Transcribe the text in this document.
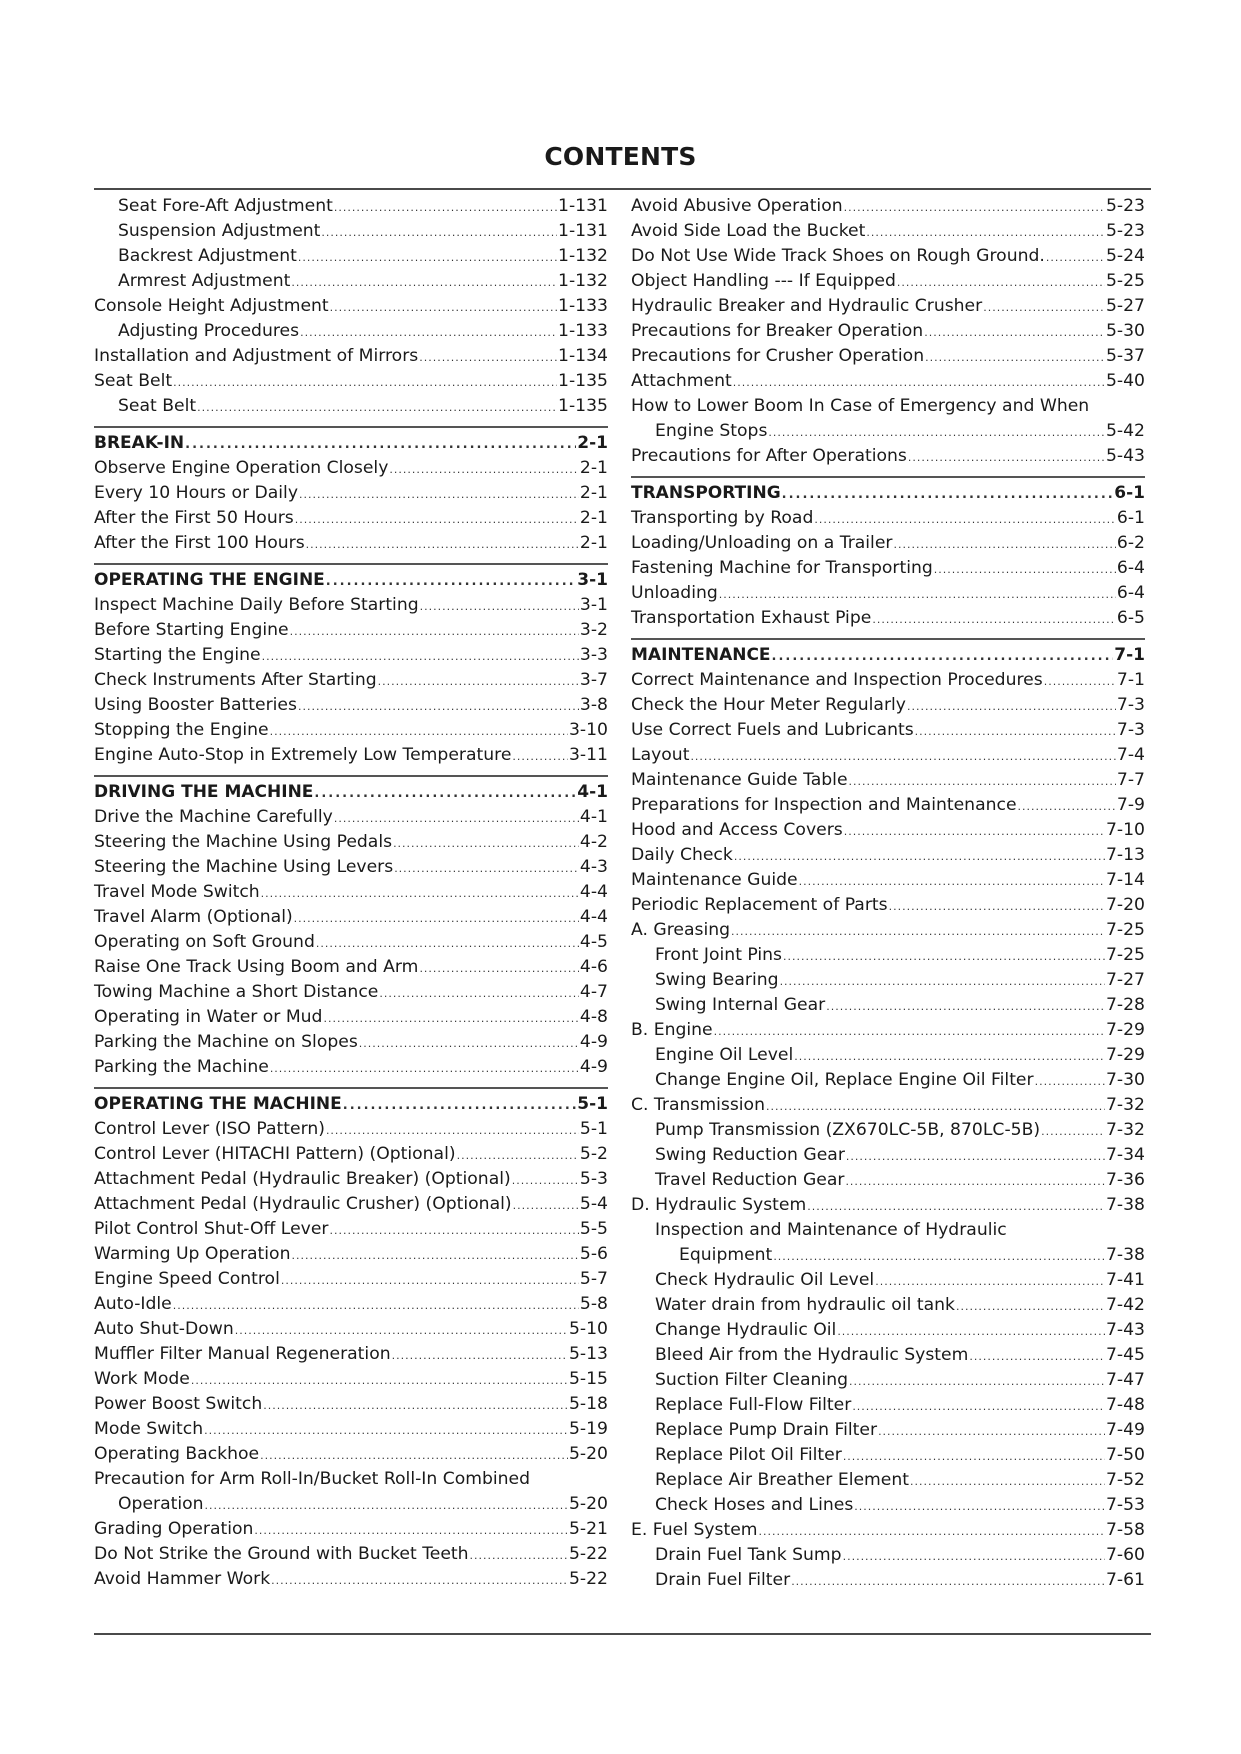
CONTENTS
Seat Fore-Aft Adjustment .....	1-131
Suspension Adjustment .....	1-131
Backrest Adjustment .....	1-132
Armrest Adjustment .....	1-132
Console Height Adjustment .....	1-133
Adjusting Procedures .....	1-133
Installation and Adjustment of Mirrors .....	1-134
Seat Belt .....	1-135
Seat Belt .....	1-135
BREAK-IN .....	2-1
Observe Engine Operation Closely .....	2-1
Every 10 Hours or Daily .....	2-1
After the First 50 Hours .....	2-1
After the First 100 Hours .....	2-1
OPERATING THE ENGINE .....	3-1
Inspect Machine Daily Before Starting .....	3-1
Before Starting Engine .....	3-2
Starting the Engine .....	3-3
Check Instruments After Starting .....	3-7
Using Booster Batteries .....	3-8
Stopping the Engine .....	3-10
Engine Auto-Stop in Extremely Low Temperature .....	3-11
DRIVING THE MACHINE .....	4-1
Drive the Machine Carefully .....	4-1
Steering the Machine Using Pedals .....	4-2
Steering the Machine Using Levers .....	4-3
Travel Mode Switch .....	4-4
Travel Alarm (Optional) .....	4-4
Operating on Soft Ground .....	4-5
Raise One Track Using Boom and Arm .....	4-6
Towing Machine a Short Distance .....	4-7
Operating in Water or Mud .....	4-8
Parking the Machine on Slopes .....	4-9
Parking the Machine .....	4-9
OPERATING THE MACHINE .....	5-1
Control Lever (ISO Pattern) .....	5-1
Control Lever (HITACHI Pattern) (Optional) .....	5-2
Attachment Pedal (Hydraulic Breaker) (Optional) .....	5-3
Attachment Pedal (Hydraulic Crusher) (Optional) .....	5-4
Pilot Control Shut-Off Lever .....	5-5
Warming Up Operation .....	5-6
Engine Speed Control .....	5-7
Auto-Idle .....	5-8
Auto Shut-Down .....	5-10
Muffler Filter Manual Regeneration .....	5-13
Work Mode .....	5-15
Power Boost Switch .....	5-18
Mode Switch .....	5-19
Operating Backhoe .....	5-20
Precaution for Arm Roll-In/Bucket Roll-In Combined
Operation .....	5-20
Grading Operation .....	5-21
Do Not Strike the Ground with Bucket Teeth .....	5-22
Avoid Hammer Work .....	5-22
Avoid Abusive Operation .....	5-23
Avoid Side Load the Bucket .....	5-23
Do Not Use Wide Track Shoes on Rough Ground. .....	5-24
Object Handling --- If Equipped .....	5-25
Hydraulic Breaker and Hydraulic Crusher .....	5-27
Precautions for Breaker Operation .....	5-30
Precautions for Crusher Operation .....	5-37
Attachment .....	5-40
How to Lower Boom In Case of Emergency and When
Engine Stops .....	5-42
Precautions for After Operations .....	5-43
TRANSPORTING .....	6-1
Transporting by Road .....	6-1
Loading/Unloading on a Trailer .....	6-2
Fastening Machine for Transporting .....	6-4
Unloading .....	6-4
Transportation Exhaust Pipe .....	6-5
MAINTENANCE .....	7-1
Correct Maintenance and Inspection Procedures .....	7-1
Check the Hour Meter Regularly .....	7-3
Use Correct Fuels and Lubricants .....	7-3
Layout .....	7-4
Maintenance Guide Table .....	7-7
Preparations for Inspection and Maintenance .....	7-9
Hood and Access Covers .....	7-10
Daily Check .....	7-13
Maintenance Guide .....	7-14
Periodic Replacement of Parts .....	7-20
A. Greasing .....	7-25
Front Joint Pins .....	7-25
Swing Bearing .....	7-27
Swing Internal Gear .....	7-28
B. Engine .....	7-29
Engine Oil Level .....	7-29
Change Engine Oil, Replace Engine Oil Filter .....	7-30
C. Transmission .....	7-32
Pump Transmission (ZX670LC-5B, 870LC-5B) .....	7-32
Swing Reduction Gear .....	7-34
Travel Reduction Gear .....	7-36
D. Hydraulic System .....	7-38
Inspection and Maintenance of Hydraulic
Equipment .....	7-38
Check Hydraulic Oil Level .....	7-41
Water drain from hydraulic oil tank .....	7-42
Change Hydraulic Oil .....	7-43
Bleed Air from the Hydraulic System .....	7-45
Suction Filter Cleaning .....	7-47
Replace Full-Flow Filter .....	7-48
Replace Pump Drain Filter .....	7-49
Replace Pilot Oil Filter .....	7-50
Replace Air Breather Element .....	7-52
Check Hoses and Lines .....	7-53
E. Fuel System .....	7-58
Drain Fuel Tank Sump .....	7-60
Drain Fuel Filter .....	7-61
